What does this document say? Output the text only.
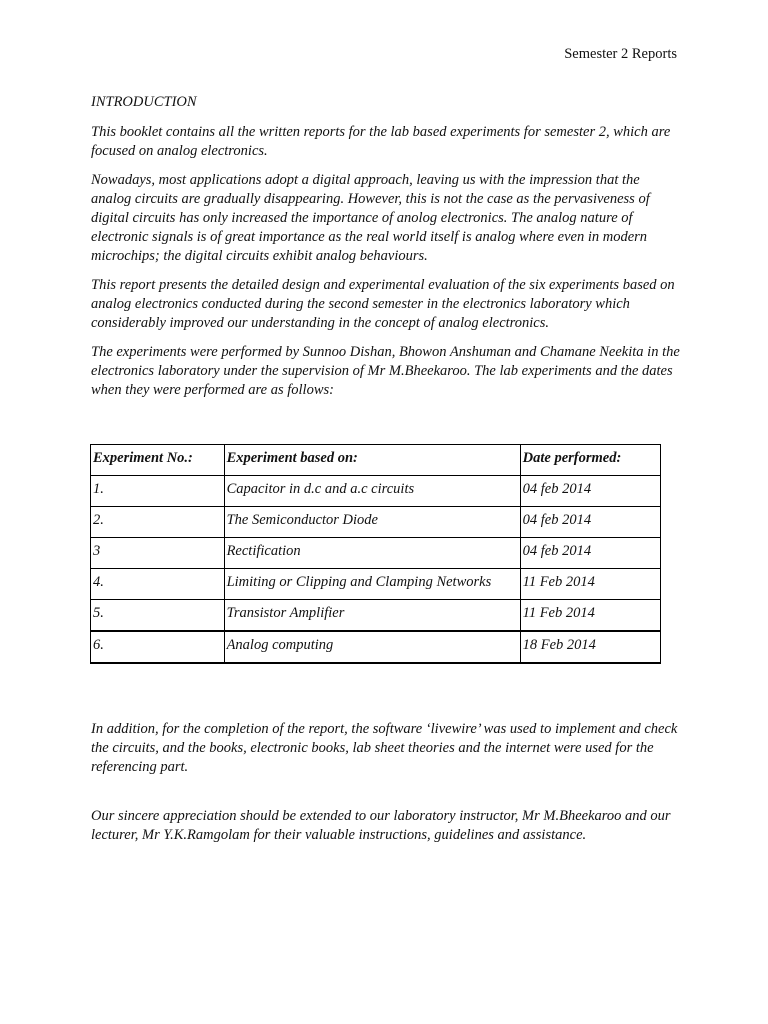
Semester 2 Reports
INTRODUCTION

This booklet contains all the written reports for the lab based experiments for semester 2, which are focused on analog electronics.

Nowadays, most applications adopt a digital approach, leaving us with the impression that the analog circuits are gradually disappearing. However, this is not the case as the pervasiveness of digital circuits has only increased the importance of anolog electronics. The analog nature of electronic signals is of great importance as the real world itself is analog where even in modern microchips; the digital circuits exhibit analog behaviours.

This report presents the detailed design and experimental evaluation of the six experiments based on analog electronics conducted during the second semester in the electronics laboratory which considerably improved our understanding in the concept of analog electronics.

The experiments were performed by Sunnoo Dishan, Bhowon Anshuman and Chamane Neekita in the electronics laboratory under the supervision of Mr M.Bheekaroo. The lab experiments and the dates when they were performed are as follows:

Experiment No.:	Experiment based on:	Date performed:
1.	Capacitor in d.c and a.c circuits	04 feb 2014
2.	The Semiconductor Diode	04 feb 2014
3	Rectification	04 feb 2014
4.	Limiting or Clipping and Clamping Networks	11 Feb 2014
5.	Transistor Amplifier	11 Feb 2014
6.	Analog computing	18 Feb 2014

In addition, for the completion of the report, the software ‘livewire’ was used to implement and check the circuits, and the books, electronic books, lab sheet theories and the internet were used for the referencing part.

Our sincere appreciation should be extended to our laboratory instructor, Mr M.Bheekaroo and our lecturer, Mr Y.K.Ramgolam for their valuable instructions, guidelines and assistance.
